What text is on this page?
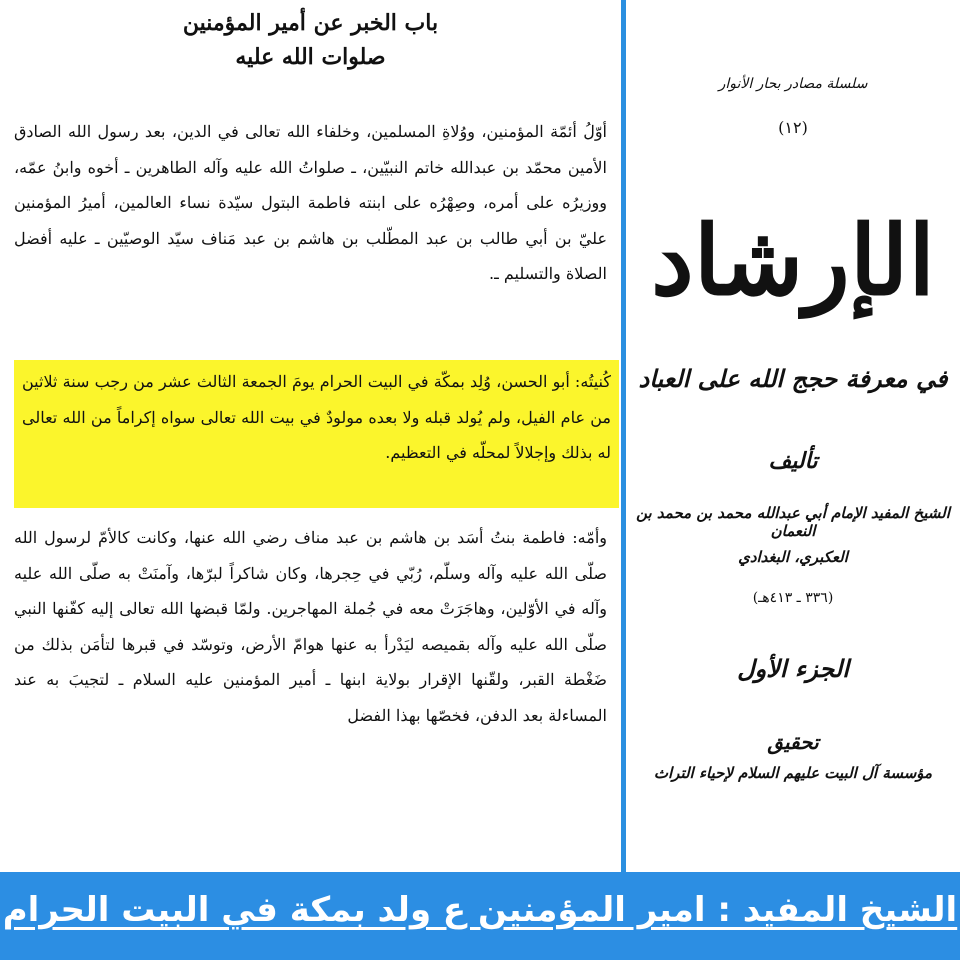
باب الخبر عن أمير المؤمنين
صلوات الله عليه

أوّلُ أئمّة المؤمنين، ووُلاةِ المسلمين، وخلفاء الله تعالى في الدين، بعد رسول الله الصادق الأمين محمّد بن عبدالله خاتم النبيّين، ـ صلواتُ الله عليه وآله الطاهرين ـ أخوه وابنُ عمّه، ووزيرُه على أمره، وصِهْرُه على ابنته فاطمة البتول سيّدة نساء العالمين، أميرُ المؤمنين عليّ بن أبي طالب بن عبد المطّلب بن هاشم بن عبد مَناف سيّد الوصيّين ـ عليه أفضل الصلاة والتسليم ـ.

كُنيتُه: أبو الحسن، وُلِد بمكّة في البيت الحرام يومَ الجمعة الثالث عشر من رجب سنة ثلاثين من عام الفيل، ولم يُولد قبله ولا بعده مولودٌ في بيت الله تعالى سواه إكراماً من الله تعالى له بذلك وإجلالاً لمحلّه في التعظيم.

وأمّه: فاطمة بنتُ أسَد بن هاشم بن عبد مناف رضي الله عنها، وكانت كالأمّ لرسول الله صلّى الله عليه وآله وسلّم، رُبّي في حِجرها، وكان شاكراً لبرّها، وآمنَتْ به صلّى الله عليه وآله في الأوّلين، وهاجَرَتْ معه في جُملة المهاجرين. ولمّا قبضها الله تعالى إليه كفّنها النبي صلّى الله عليه وآله بقميصه ليَدْرأ به عنها هوامّ الأرض، وتوسّد في قبرها لتأمَن بذلك من ضَغْطة القبر، ولقّنها الإقرار بولاية ابنها ـ أمير المؤمنين عليه السلام ـ لتجيبَ به عند المساءلة بعد الدفن، فخصّها بهذا الفضل

سلسلة مصادر بحار الأنوار
(١٢)
الإرشاد
في معرفة حجج الله على العباد
تأليف
الشيخ المفيد الإمام أبي عبدالله محمد بن محمد بن النعمان
العكبري، البغدادي
(٣٣٦ ـ ٤١٣هـ)
الجزء الأول
تحقيق
مؤسسة آل البيت عليهم السلام لإحياء التراث
الشيخ المفيد : امير المؤمنين ع ولد بمكة في البيت الحرام
